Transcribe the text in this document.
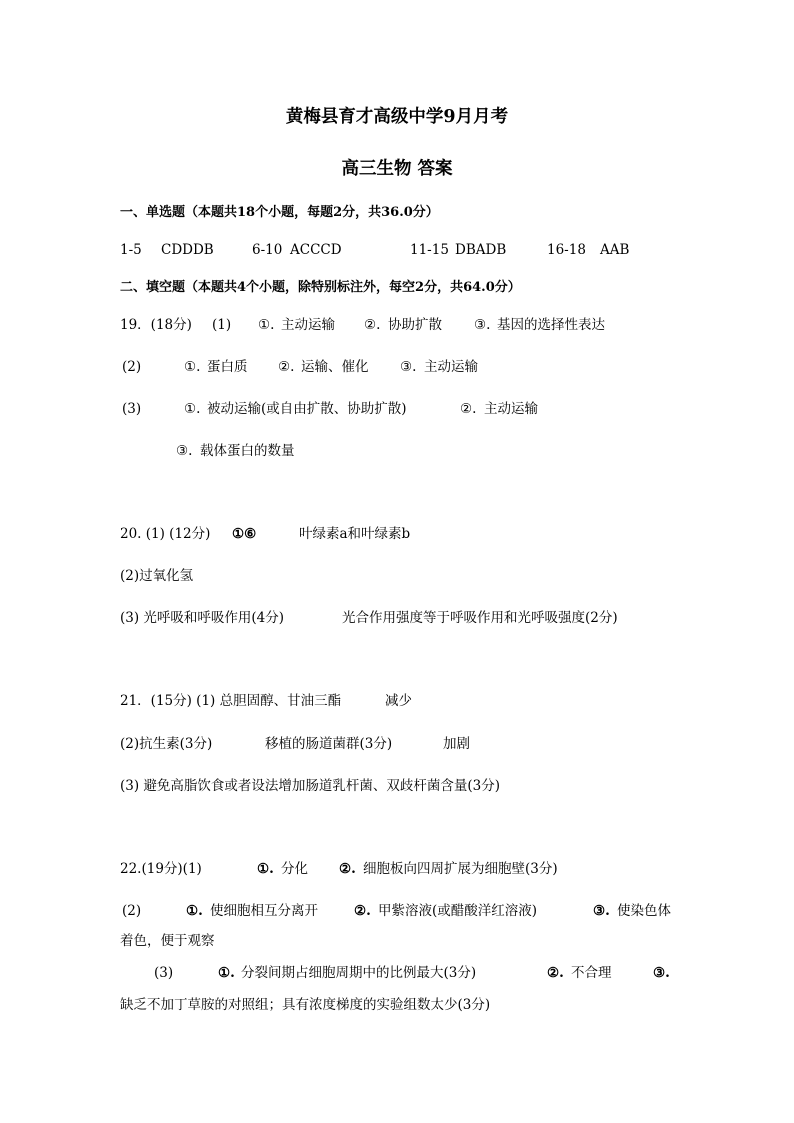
黄梅县育才高级中学9月月考
高三生物 答案
一、单选题（本题共18个小题，每题2分，共36.0分）
1-5 CDDDB	6-10 ACCCD	11-15 DBADB	16-18 AAB
二、填空题（本题共4个小题，除特别标注外，每空2分，共64.0分）
19．(18分) (1) ①. 主动运输 ②. 协助扩散 ③. 基因的选择性表达
(2)	①. 蛋白质 ②. 运输、催化 ③. 主动运输
(3)	①. 被动运输(或自由扩散、协助扩散)	②. 主动运输
③. 载体蛋白的数量
20. (1) (12分) ①⑥	叶绿素a和叶绿素b
(2)过氧化氢
(3) 光呼吸和呼吸作用(4分)	光合作用强度等于呼吸作用和光呼吸强度(2分)
21．(15分) (1) 总胆固醇、甘油三酯	减少
(2)抗生素(3分)	移植的肠道菌群(3分)	加剧
(3) 避免高脂饮食或者设法增加肠道乳杆菌、双歧杆菌含量(3分)
22.(19分)(1)	①. 分化 ②. 细胞板向四周扩展为细胞壁(3分)
(2)	①. 使细胞相互分离开	②. 甲紫溶液(或醋酸洋红溶液)	③. 使染色体
着色，便于观察
(3)	①. 分裂间期占细胞周期中的比例最大(3分)	②. 不合理	③.
缺乏不加丁草胺的对照组；具有浓度梯度的实验组数太少(3分)
